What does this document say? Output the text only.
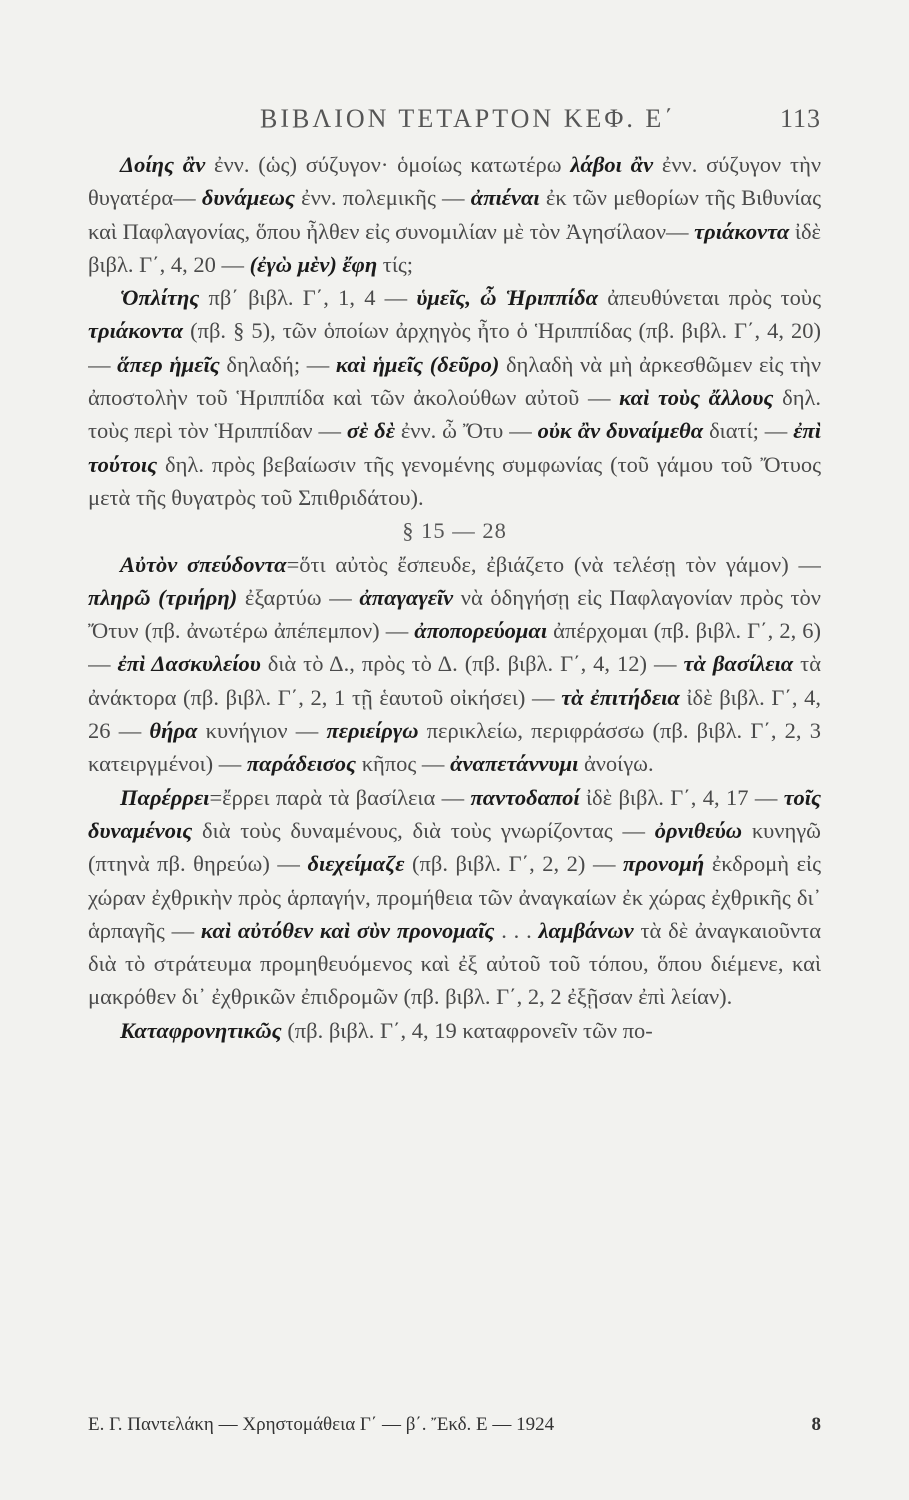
ΒΙΒΛΙΟΝ ΤΕΤΑΡΤΟΝ ΚΕΦ. Ε΄	113

Δοίης ἂν ἐνν. (ὡς) σύζυγον· ὁμοίως κατωτέρω λάβοι ἂν ἐνν. σύζυγον τὴν θυγατέρα— δυνάμεως ἐνν. πολεμικῆς — ἀπιέναι ἐκ τῶν μεθορίων τῆς Βιθυνίας καὶ Παφλαγονίας, ὅπου ἦλθεν εἰς συνομιλίαν μὲ τὸν Ἀγησίλαον— τριάκοντα ἰδὲ βιβλ. Γ΄, 4, 20 — (ἐγὼ μὲν) ἔφη τίς;

Ὁπλίτης πβ΄ βιβλ. Γ΄, 1, 4 — ὑμεῖς, ὦ Ἡριππίδα ἀπευθύνεται πρὸς τοὺς τριάκοντα (πβ. § 5), τῶν ὁποίων ἀρχηγὸς ἦτο ὁ Ἡριππίδας (πβ. βιβλ. Γ΄, 4, 20) — ἅπερ ἡμεῖς δηλαδή; — καὶ ἡμεῖς (δεῦρο) δηλαδὴ νὰ μὴ ἀρκεσθῶμεν εἰς τὴν ἀποστολὴν τοῦ Ἡριππίδα καὶ τῶν ἀκολούθων αὐτοῦ — καὶ τοὺς ἄλλους δηλ. τοὺς περὶ τὸν Ἡριππίδαν — σὲ δὲ ἐνν. ὦ Ὄτυ — οὐκ ἂν δυναίμεθα διατί; — ἐπὶ τούτοις δηλ. πρὸς βεβαίωσιν τῆς γενομένης συμφωνίας (τοῦ γάμου τοῦ Ὄτυος μετὰ τῆς θυγατρὸς τοῦ Σπιθριδάτου).

§ 15 — 28

Αὐτὸν σπεύδοντα=ὅτι αὐτὸς ἔσπευδε, ἐβιάζετο (νὰ τελέσῃ τὸν γάμον) — πληρῶ (τριήρη) ἐξαρτύω — ἀπαγαγεῖν νὰ ὁδηγήσῃ εἰς Παφλαγονίαν πρὸς τὸν Ὄτυν (πβ. ἀνωτέρω ἀπέπεμπον) — ἀποπορεύομαι ἀπέρχομαι (πβ. βιβλ. Γ΄, 2, 6) — ἐπὶ Δασκυλείου διὰ τὸ Δ., πρὸς τὸ Δ. (πβ. βιβλ. Γ΄, 4, 12) — τὰ βασίλεια τὰ ἀνάκτορα (πβ. βιβλ. Γ΄, 2, 1 τῇ ἑαυτοῦ οἰκήσει) — τὰ ἐπιτήδεια ἰδὲ βιβλ. Γ΄, 4, 26 — θήρα κυνήγιον — περιείργω περικλείω, περιφράσσω (πβ. βιβλ. Γ΄, 2, 3 κατειργμένοι) — παράδεισος κῆπος — ἀναπετάννυμι ἀνοίγω.

Παρέρρει=ἔρρει παρὰ τὰ βασίλεια — παντοδαποί ἰδὲ βιβλ. Γ΄, 4, 17 — τοῖς δυναμένοις διὰ τοὺς δυναμένους, διὰ τοὺς γνωρίζοντας — ὀρνιθεύω κυνηγῶ (πτηνὰ πβ. θηρεύω) — διεχείμαζε (πβ. βιβλ. Γ΄, 2, 2) — προνομή ἐκδρομὴ εἰς χώραν ἐχθρικὴν πρὸς ἁρπαγήν, προμήθεια τῶν ἀναγκαίων ἐκ χώρας ἐχθρικῆς δι᾽ ἁρπαγῆς — καὶ αὐτόθεν καὶ σὺν προνομαῖς . . . λαμβάνων τὰ δὲ ἀναγκαιοῦντα διὰ τὸ στράτευμα προμηθευόμενος καὶ ἐξ αὐτοῦ τοῦ τόπου, ὅπου διέμενε, καὶ μακρόθεν δι᾽ ἐχθρικῶν ἐπιδρομῶν (πβ. βιβλ. Γ΄, 2, 2 ἐξῇσαν ἐπὶ λείαν).

Καταφρονητικῶς (πβ. βιβλ. Γ΄, 4, 19 καταφρονεῖν τῶν πο-

Ε. Γ. Παντελάκη — Χρηστομάθεια Γ΄ — β΄. Ἔκδ. Ε — 1924	8
